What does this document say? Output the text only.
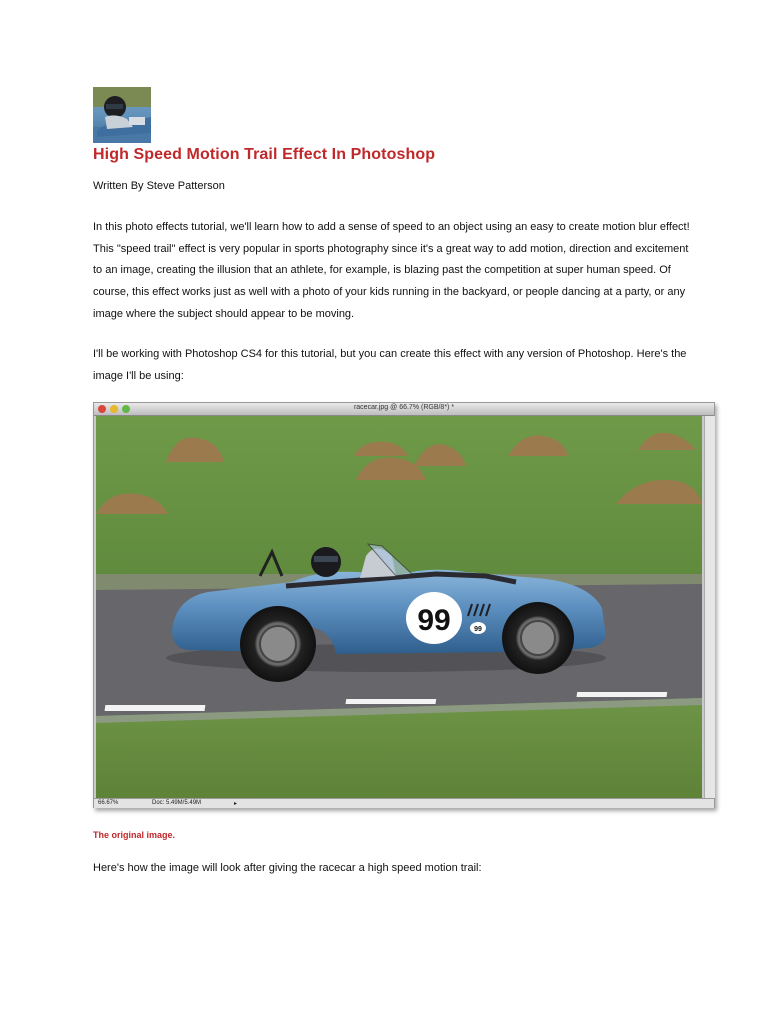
High Speed Motion Trail Effect In Photoshop
Written By Steve Patterson

In this photo effects tutorial, we'll learn how to add a sense of speed to an object using an easy to create motion blur effect! This "speed trail" effect is very popular in sports photography since it's a great way to add motion, direction and excitement to an image, creating the illusion that an athlete, for example, is blazing past the competition at super human speed. Of course, this effect works just as well with a photo of your kids running in the backyard, or people dancing at a party, or any image where the subject should appear to be moving.

I'll be working with Photoshop CS4 for this tutorial, but you can create this effect with any version of Photoshop. Here's the image I'll be using:

racecar.jpg @ 66.7% (RGB/8*) *
99	99
66.67%	Doc: 5.49M/5.49M	▸
The original image.

Here's how the image will look after giving the racecar a high speed motion trail:
